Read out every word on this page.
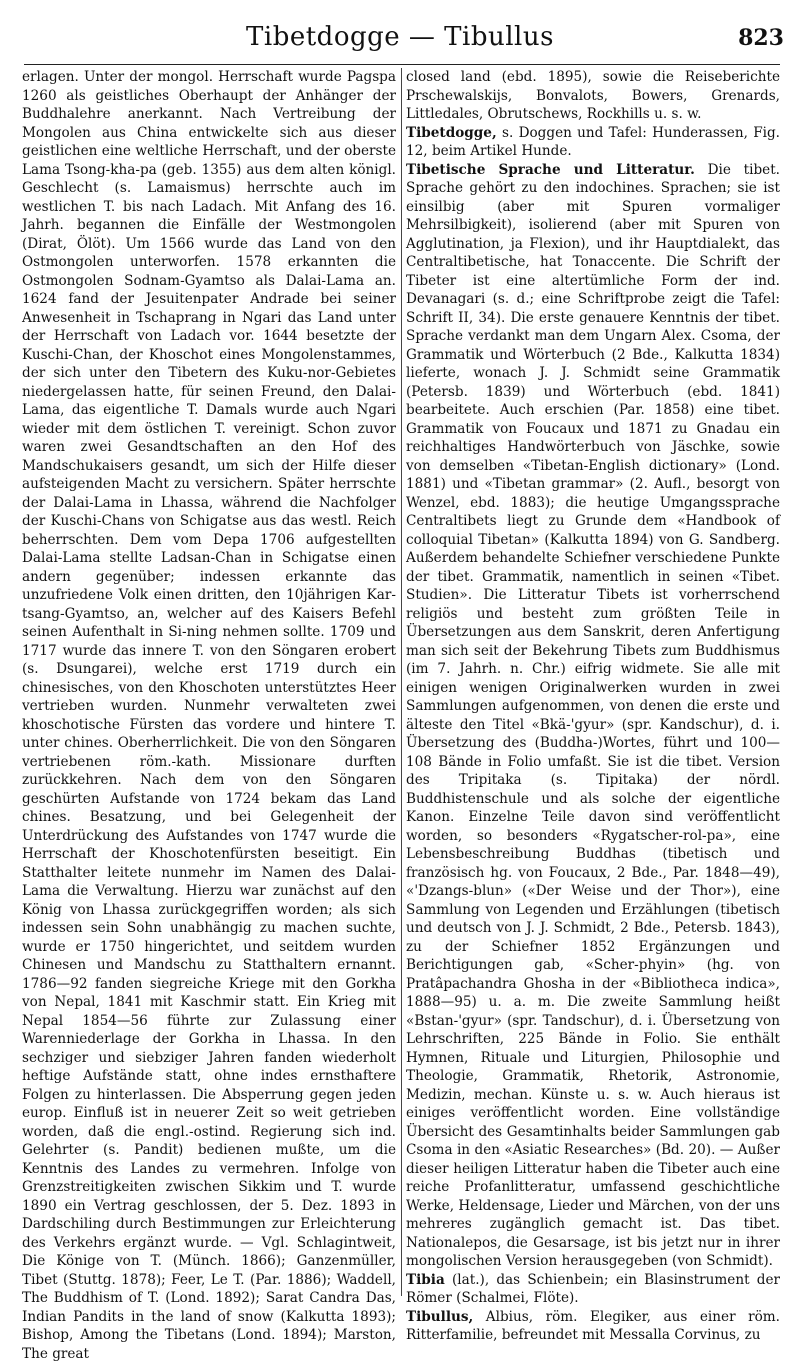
Tibetdogge — Tibullus	823

erlagen. Unter der mongol. Herrschaft wurde Pagspa 1260 als geistliches Oberhaupt der Anhänger der Buddhalehre anerkannt. Nach Vertreibung der Mongolen aus China entwickelte sich aus dieser geistlichen eine weltliche Herrschaft, und der oberste Lama Tsong-kha-pa (geb. 1355) aus dem alten königl. Geschlecht (s. Lamaismus) herrschte auch im westlichen T. bis nach Ladach. Mit Anfang des 16. Jahrh. begannen die Einfälle der Westmongolen (Dirat, Ölöt). Um 1566 wurde das Land von den Ostmongolen unterworfen. 1578 erkannten die Ostmongolen Sodnam-Gyamtso als Dalai-Lama an. 1624 fand der Jesuitenpater Andrade bei seiner Anwesenheit in Tschaprang in Ngari das Land unter der Herrschaft von Ladach vor. 1644 besetzte der Kuschi-Chan, der Khoschot eines Mongolenstammes, der sich unter den Tibetern des Kuku-nor-Gebietes niedergelassen hatte, für seinen Freund, den Dalai-Lama, das eigentliche T. Damals wurde auch Ngari wieder mit dem östlichen T. vereinigt. Schon zuvor waren zwei Gesandtschaften an den Hof des Mandschukaisers gesandt, um sich der Hilfe dieser aufsteigenden Macht zu versichern. Später herrschte der Dalai-Lama in Lhassa, während die Nachfolger der Kuschi-Chans von Schigatse aus das westl. Reich beherrschten. Dem vom Depa 1706 aufgestellten Dalai-Lama stellte Ladsan-Chan in Schigatse einen andern gegenüber; indessen erkannte das unzufriedene Volk einen dritten, den 10jährigen Kar-tsang-Gyamtso, an, welcher auf des Kaisers Befehl seinen Aufenthalt in Si-ning nehmen sollte. 1709 und 1717 wurde das innere T. von den Söngaren erobert (s. Dsungarei), welche erst 1719 durch ein chinesisches, von den Khoschoten unterstütztes Heer vertrieben wurden. Nunmehr verwalteten zwei khoschotische Fürsten das vordere und hintere T. unter chines. Oberherrlichkeit. Die von den Söngaren vertriebenen röm.-kath. Missionare durften zurückkehren. Nach dem von den Söngaren geschürten Aufstande von 1724 bekam das Land chines. Besatzung, und bei Gelegenheit der Unterdrückung des Aufstandes von 1747 wurde die Herrschaft der Khoschotenfürsten beseitigt. Ein Statthalter leitete nunmehr im Namen des Dalai-Lama die Verwaltung. Hierzu war zunächst auf den König von Lhassa zurückgegriffen worden; als sich indessen sein Sohn unabhängig zu machen suchte, wurde er 1750 hingerichtet, und seitdem wurden Chinesen und Mandschu zu Statthaltern ernannt. 1786—92 fanden siegreiche Kriege mit den Gorkha von Nepal, 1841 mit Kaschmir statt. Ein Krieg mit Nepal 1854—56 führte zur Zulassung einer Warenniederlage der Gorkha in Lhassa. In den sechziger und siebziger Jahren fanden wiederholt heftige Aufstände statt, ohne indes ernsthaftere Folgen zu hinterlassen. Die Absperrung gegen jeden europ. Einfluß ist in neuerer Zeit so weit getrieben worden, daß die engl.-ostind. Regierung sich ind. Gelehrter (s. Pandit) bedienen mußte, um die Kenntnis des Landes zu vermehren. Infolge von Grenzstreitigkeiten zwischen Sikkim und T. wurde 1890 ein Vertrag geschlossen, der 5. Dez. 1893 in Dardschiling durch Bestimmungen zur Erleichterung des Verkehrs ergänzt wurde. — Vgl. Schlagintweit, Die Könige von T. (Münch. 1866); Ganzenmüller, Tibet (Stuttg. 1878); Feer, Le T. (Par. 1886); Waddell, The Buddhism of T. (Lond. 1892); Sarat Candra Das, Indian Pandits in the land of snow (Kalkutta 1893); Bishop, Among the Tibetans (Lond. 1894); Marston, The great

closed land (ebd. 1895), sowie die Reiseberichte Prschewalskijs, Bonvalots, Bowers, Grenards, Littledales, Obrutschews, Rockhills u. s. w.

Tibetdogge, s. Doggen und Tafel: Hunderassen, Fig. 12, beim Artikel Hunde.

Tibetische Sprache und Litteratur. Die tibet. Sprache gehört zu den indochines. Sprachen; sie ist einsilbig (aber mit Spuren vormaliger Mehrsilbigkeit), isolierend (aber mit Spuren von Agglutination, ja Flexion), und ihr Hauptdialekt, das Centraltibetische, hat Tonaccente. Die Schrift der Tibeter ist eine altertümliche Form der ind. Devanagari (s. d.; eine Schriftprobe zeigt die Tafel: Schrift II, 34). Die erste genauere Kenntnis der tibet. Sprache verdankt man dem Ungarn Alex. Csoma, der Grammatik und Wörterbuch (2 Bde., Kalkutta 1834) lieferte, wonach J. J. Schmidt seine Grammatik (Petersb. 1839) und Wörterbuch (ebd. 1841) bearbeitete. Auch erschien (Par. 1858) eine tibet. Grammatik von Foucaux und 1871 zu Gnadau ein reichhaltiges Handwörterbuch von Jäschke, sowie von demselben «Tibetan-English dictionary» (Lond. 1881) und «Tibetan grammar» (2. Aufl., besorgt von Wenzel, ebd. 1883); die heutige Umgangssprache Centraltibets liegt zu Grunde dem «Handbook of colloquial Tibetan» (Kalkutta 1894) von G. Sandberg. Außerdem behandelte Schiefner verschiedene Punkte der tibet. Grammatik, namentlich in seinen «Tibet. Studien». Die Litteratur Tibets ist vorherrschend religiös und besteht zum größten Teile in Übersetzungen aus dem Sanskrit, deren Anfertigung man sich seit der Bekehrung Tibets zum Buddhismus (im 7. Jahrh. n. Chr.) eifrig widmete. Sie alle mit einigen wenigen Originalwerken wurden in zwei Sammlungen aufgenommen, von denen die erste und älteste den Titel «Bkä-'gyur» (spr. Kandschur), d. i. Übersetzung des (Buddha-)Wortes, führt und 100—108 Bände in Folio umfaßt. Sie ist die tibet. Version des Tripitaka (s. Tipitaka) der nördl. Buddhistenschule und als solche der eigentliche Kanon. Einzelne Teile davon sind veröffentlicht worden, so besonders «Rygatscher-rol-pa», eine Lebensbeschreibung Buddhas (tibetisch und französisch hg. von Foucaux, 2 Bde., Par. 1848—49), «'Dzangs-blun» («Der Weise und der Thor»), eine Sammlung von Legenden und Erzählungen (tibetisch und deutsch von J. J. Schmidt, 2 Bde., Petersb. 1843), zu der Schiefner 1852 Ergänzungen und Berichtigungen gab, «Scher-phyin» (hg. von Pratâpachandra Ghosha in der «Bibliotheca indica», 1888—95) u. a. m. Die zweite Sammlung heißt «Bstan-'gyur» (spr. Tandschur), d. i. Übersetzung von Lehrschriften, 225 Bände in Folio. Sie enthält Hymnen, Rituale und Liturgien, Philosophie und Theologie, Grammatik, Rhetorik, Astronomie, Medizin, mechan. Künste u. s. w. Auch hieraus ist einiges veröffentlicht worden. Eine vollständige Übersicht des Gesamtinhalts beider Sammlungen gab Csoma in den «Asiatic Researches» (Bd. 20). — Außer dieser heiligen Litteratur haben die Tibeter auch eine reiche Profanlitteratur, umfassend geschichtliche Werke, Heldensage, Lieder und Märchen, von der uns mehreres zugänglich gemacht ist. Das tibet. Nationalepos, die Gesarsage, ist bis jetzt nur in ihrer mongolischen Version herausgegeben (von Schmidt).

Tibia (lat.), das Schienbein; ein Blasinstrument der Römer (Schalmei, Flöte).

Tibullus, Albius, röm. Elegiker, aus einer röm. Ritterfamilie, befreundet mit Messalla Corvinus, zu
